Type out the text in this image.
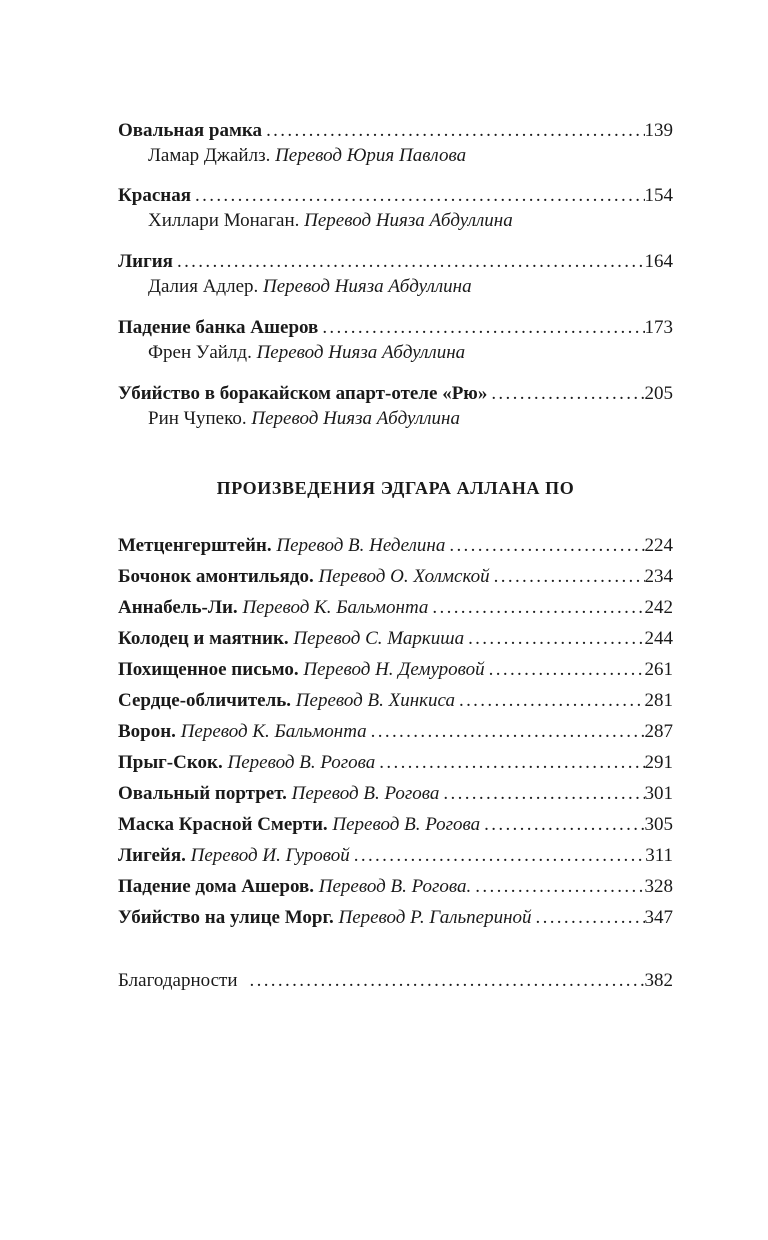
Овальная рамка . . .	139
Ламар Джайлз. Перевод Юрия Павлова
Красная . . .	154
Хиллари Монаган. Перевод Нияза Абдуллина
Лигия . . .	164
Далия Адлер. Перевод Нияза Абдуллина
Падение банка Ашеров . . .	173
Френ Уайлд. Перевод Нияза Абдуллина
Убийство в боракайском апарт-отеле «Рю» . . .	205
Рин Чупеко. Перевод Нияза Абдуллина
ПРОИЗВЕДЕНИЯ ЭДГАРА АЛЛАНА ПО
Метценгерштейн. Перевод В. Неделина . . .	224
Бочонок амонтильядо. Перевод О. Холмской . . .	234
Аннабель-Ли. Перевод К. Бальмонта . . .	242
Колодец и маятник. Перевод С. Маркиша . . .	244
Похищенное письмо. Перевод Н. Демуровой . . .	261
Сердце-обличитель. Перевод В. Хинкиса . . .	281
Ворон. Перевод К. Бальмонта . . .	287
Прыг-Скок. Перевод В. Рогова . . .	291
Овальный портрет. Перевод В. Рогова . . .	301
Маска Красной Смерти. Перевод В. Рогова . . .	305
Лигейя. Перевод И. Гуровой . . .	311
Падение дома Ашеров. Перевод В. Рогова. . . .	328
Убийство на улице Морг. Перевод Р. Гальпериной . . .	347
Благодарности . . .	382
